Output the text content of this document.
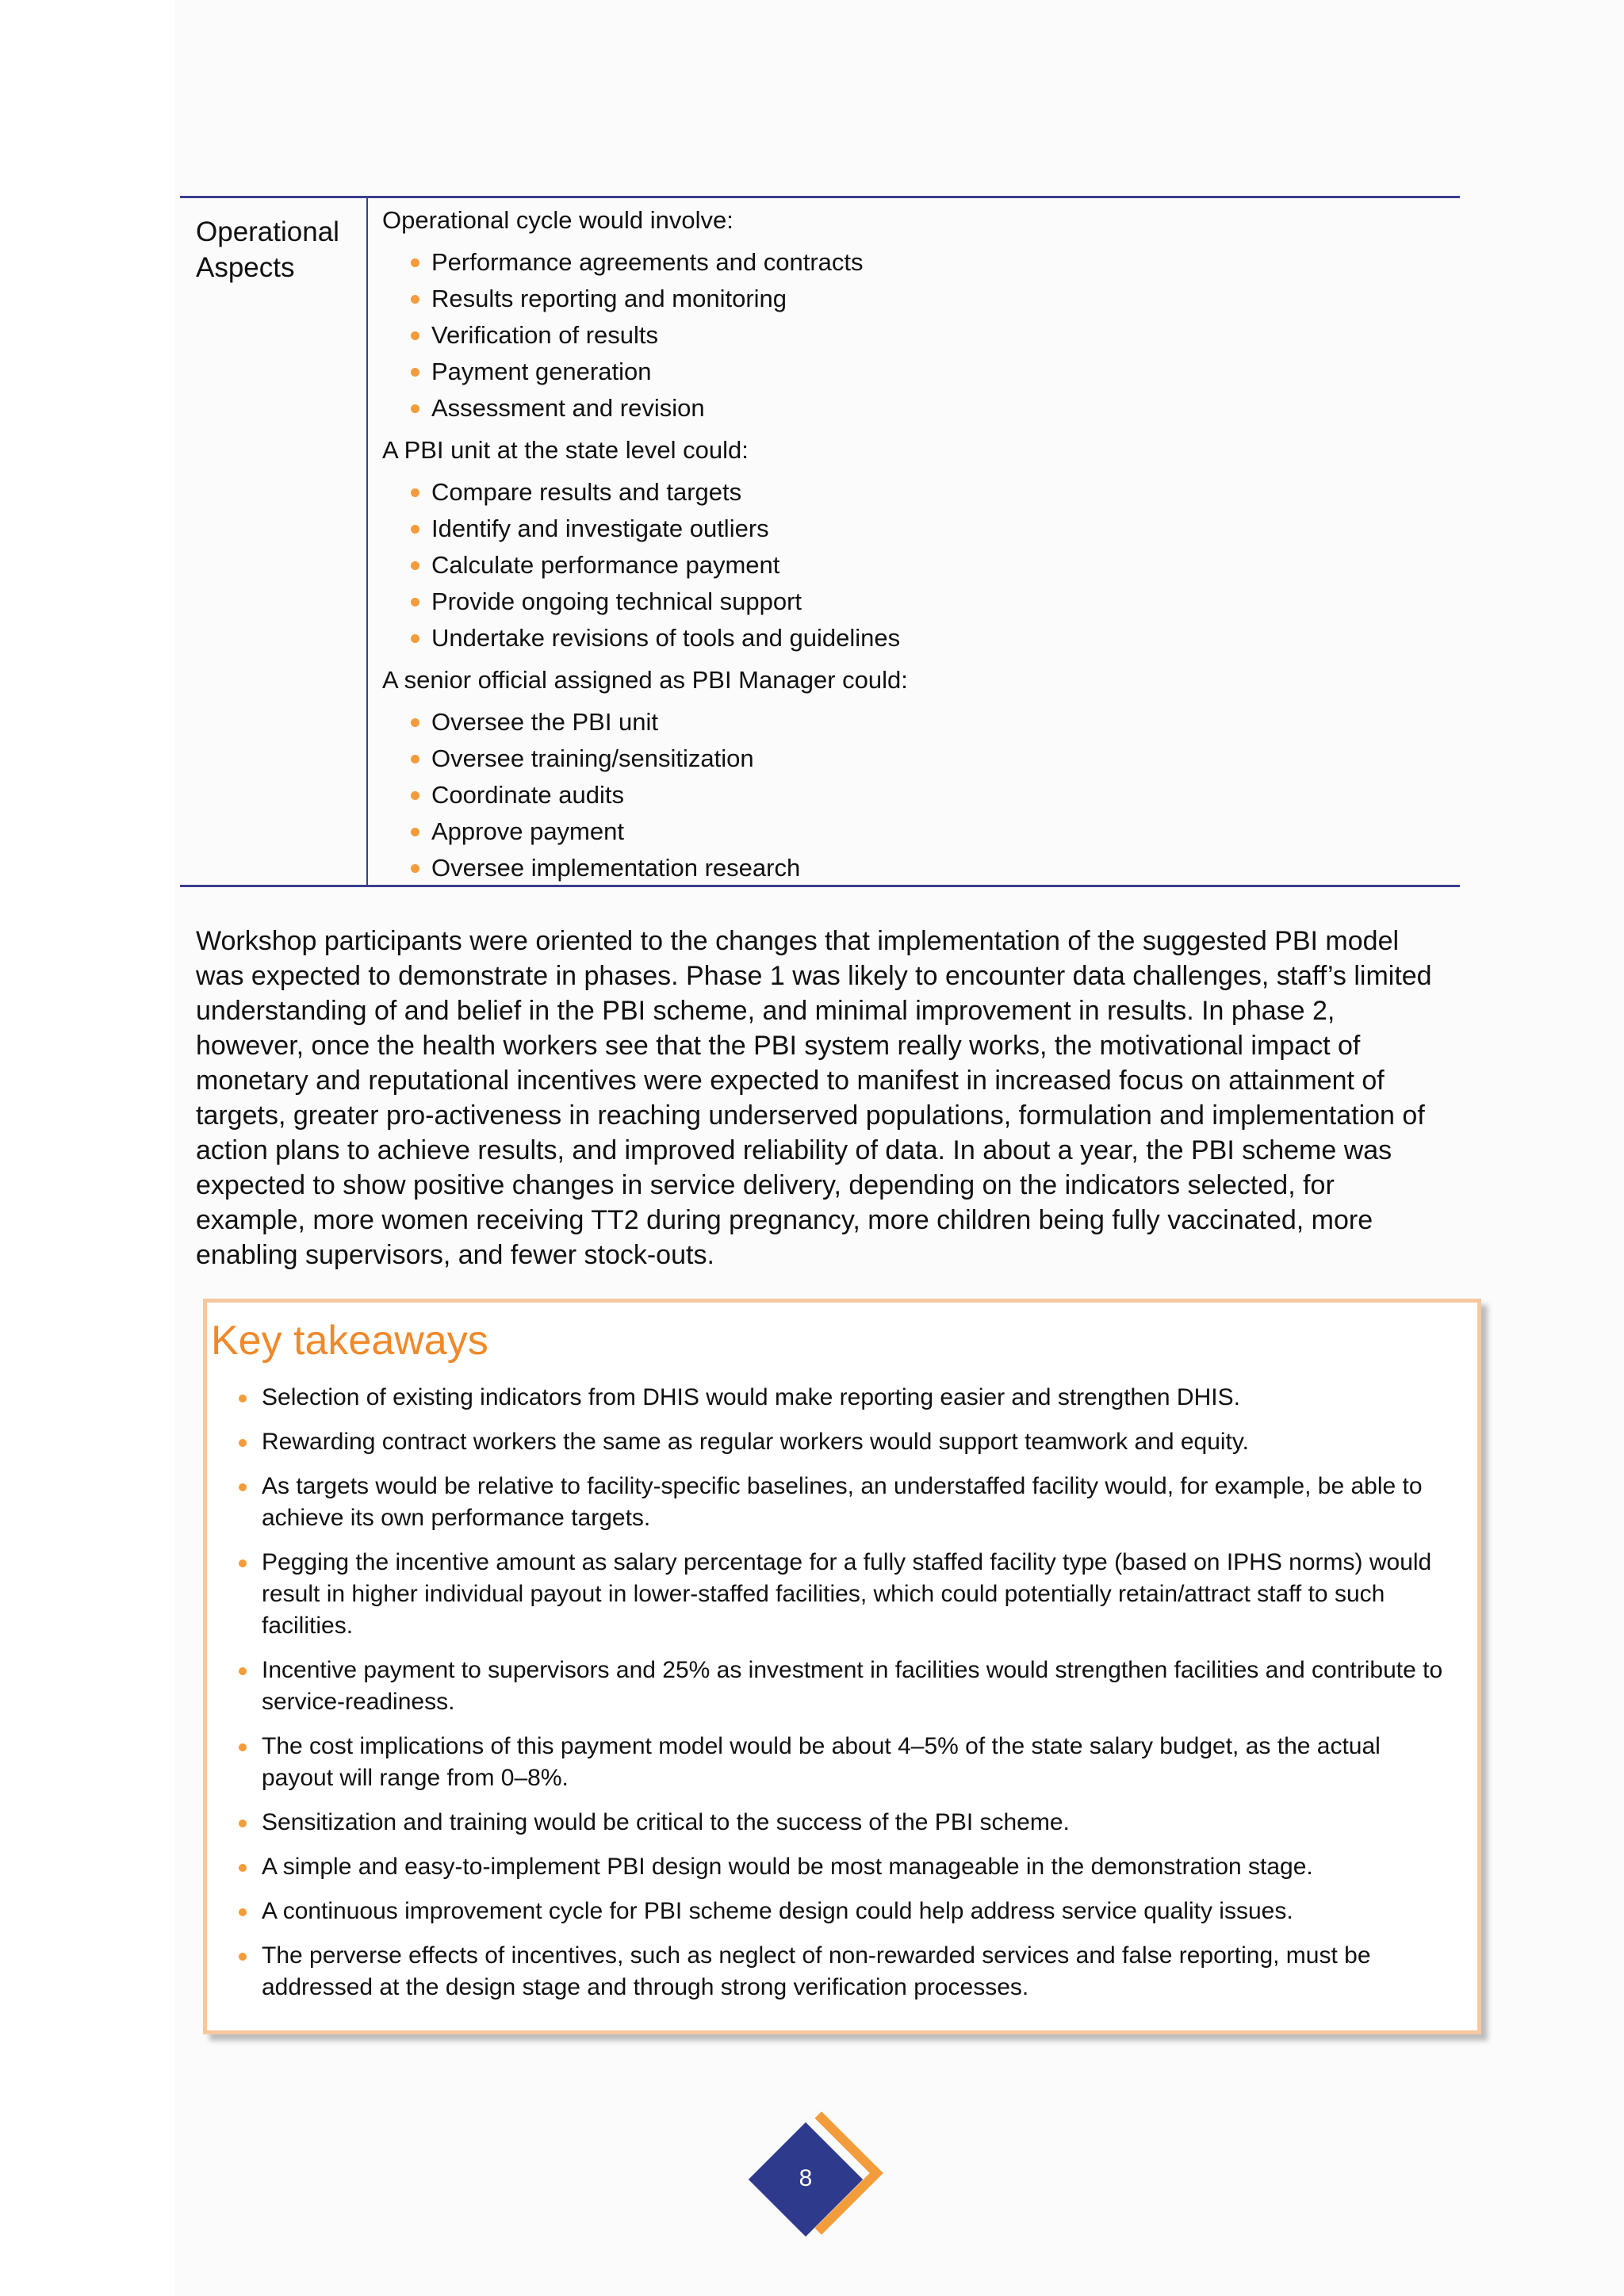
Operational Aspects

Operational cycle would involve:

Performance agreements and contracts
Results reporting and monitoring
Verification of results
Payment generation
Assessment and revision

A PBI unit at the state level could:

Compare results and targets
Identify and investigate outliers
Calculate performance payment
Provide ongoing technical support
Undertake revisions of tools and guidelines

A senior official assigned as PBI Manager could:

Oversee the PBI unit
Oversee training/sensitization
Coordinate audits
Approve payment
Oversee implementation research

Workshop participants were oriented to the changes that implementation of the suggested PBI model was expected to demonstrate in phases. Phase 1 was likely to encounter data challenges, staff’s limited understanding of and belief in the PBI scheme, and minimal improvement in results. In phase 2, however, once the health workers see that the PBI system really works, the motivational impact of monetary and reputational incentives were expected to manifest in increased focus on attainment of targets, greater pro-activeness in reaching underserved populations, formulation and implementation of action plans to achieve results, and improved reliability of data. In about a year, the PBI scheme was expected to show positive changes in service delivery, depending on the indicators selected, for example, more women receiving TT2 during pregnancy, more children being fully vaccinated, more enabling supervisors, and fewer stock-outs.

Key takeaways
Selection of existing indicators from DHIS would make reporting easier and strengthen DHIS.
Rewarding contract workers the same as regular workers would support teamwork and equity.
As targets would be relative to facility-specific baselines, an understaffed facility would, for example, be able to achieve its own performance targets.
Pegging the incentive amount as salary percentage for a fully staffed facility type (based on IPHS norms) would result in higher individual payout in lower-staffed facilities, which could potentially retain/attract staff to such facilities.
Incentive payment to supervisors and 25% as investment in facilities would strengthen facilities and contribute to service-readiness.
The cost implications of this payment model would be about 4–5% of the state salary budget, as the actual payout will range from 0–8%.
Sensitization and training would be critical to the success of the PBI scheme.
A simple and easy-to-implement PBI design would be most manageable in the demonstration stage.
A continuous improvement cycle for PBI scheme design could help address service quality issues.
The perverse effects of incentives, such as neglect of non-rewarded services and false reporting, must be addressed at the design stage and through strong verification processes.
8
